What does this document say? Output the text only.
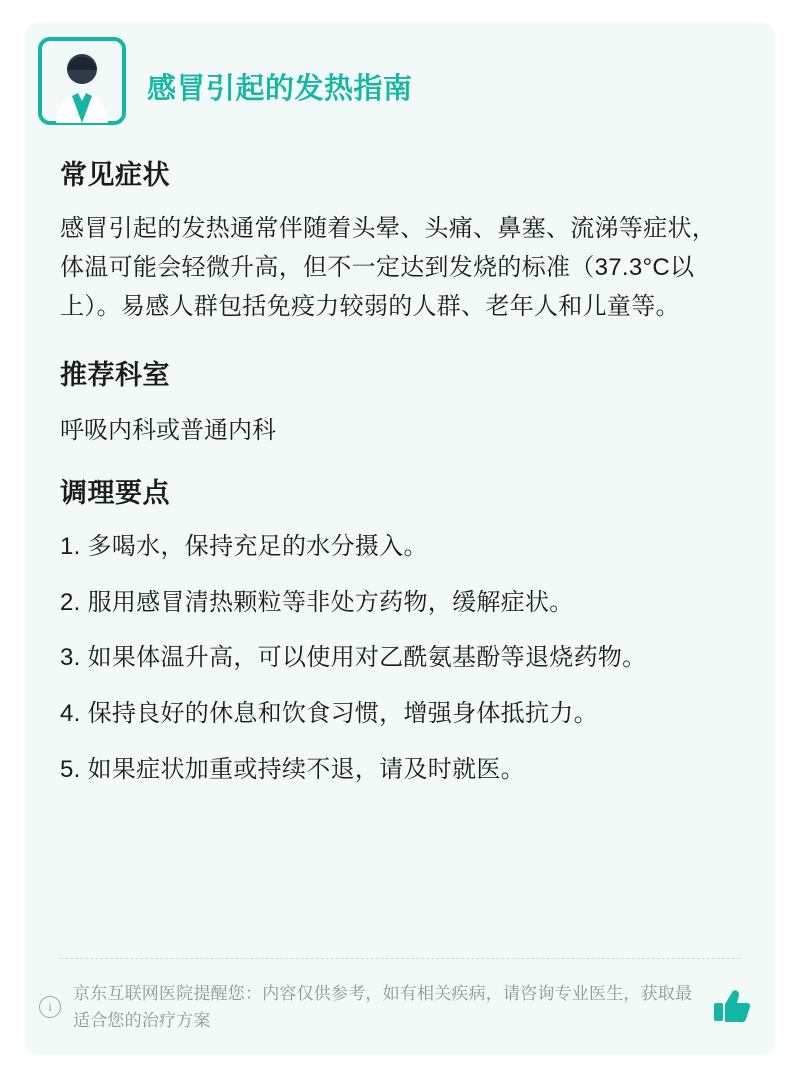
感冒引起的发热指南
常见症状

感冒引起的发热通常伴随着头晕、头痛、鼻塞、流涕等症状，体温可能会轻微升高，但不一定达到发烧的标准（37.3°C以上）。易感人群包括免疫力较弱的人群、老年人和儿童等。

推荐科室

呼吸内科或普通内科

调理要点

1. 多喝水，保持充足的水分摄入。

2. 服用感冒清热颗粒等非处方药物，缓解症状。

3. 如果体温升高，可以使用对乙酰氨基酚等退烧药物。

4. 保持良好的休息和饮食习惯，增强身体抵抗力。

5. 如果症状加重或持续不退，请及时就医。

i
京东互联网医院提醒您：内容仅供参考，如有相关疾病，请咨询专业医生，获取最适合您的治疗方案
